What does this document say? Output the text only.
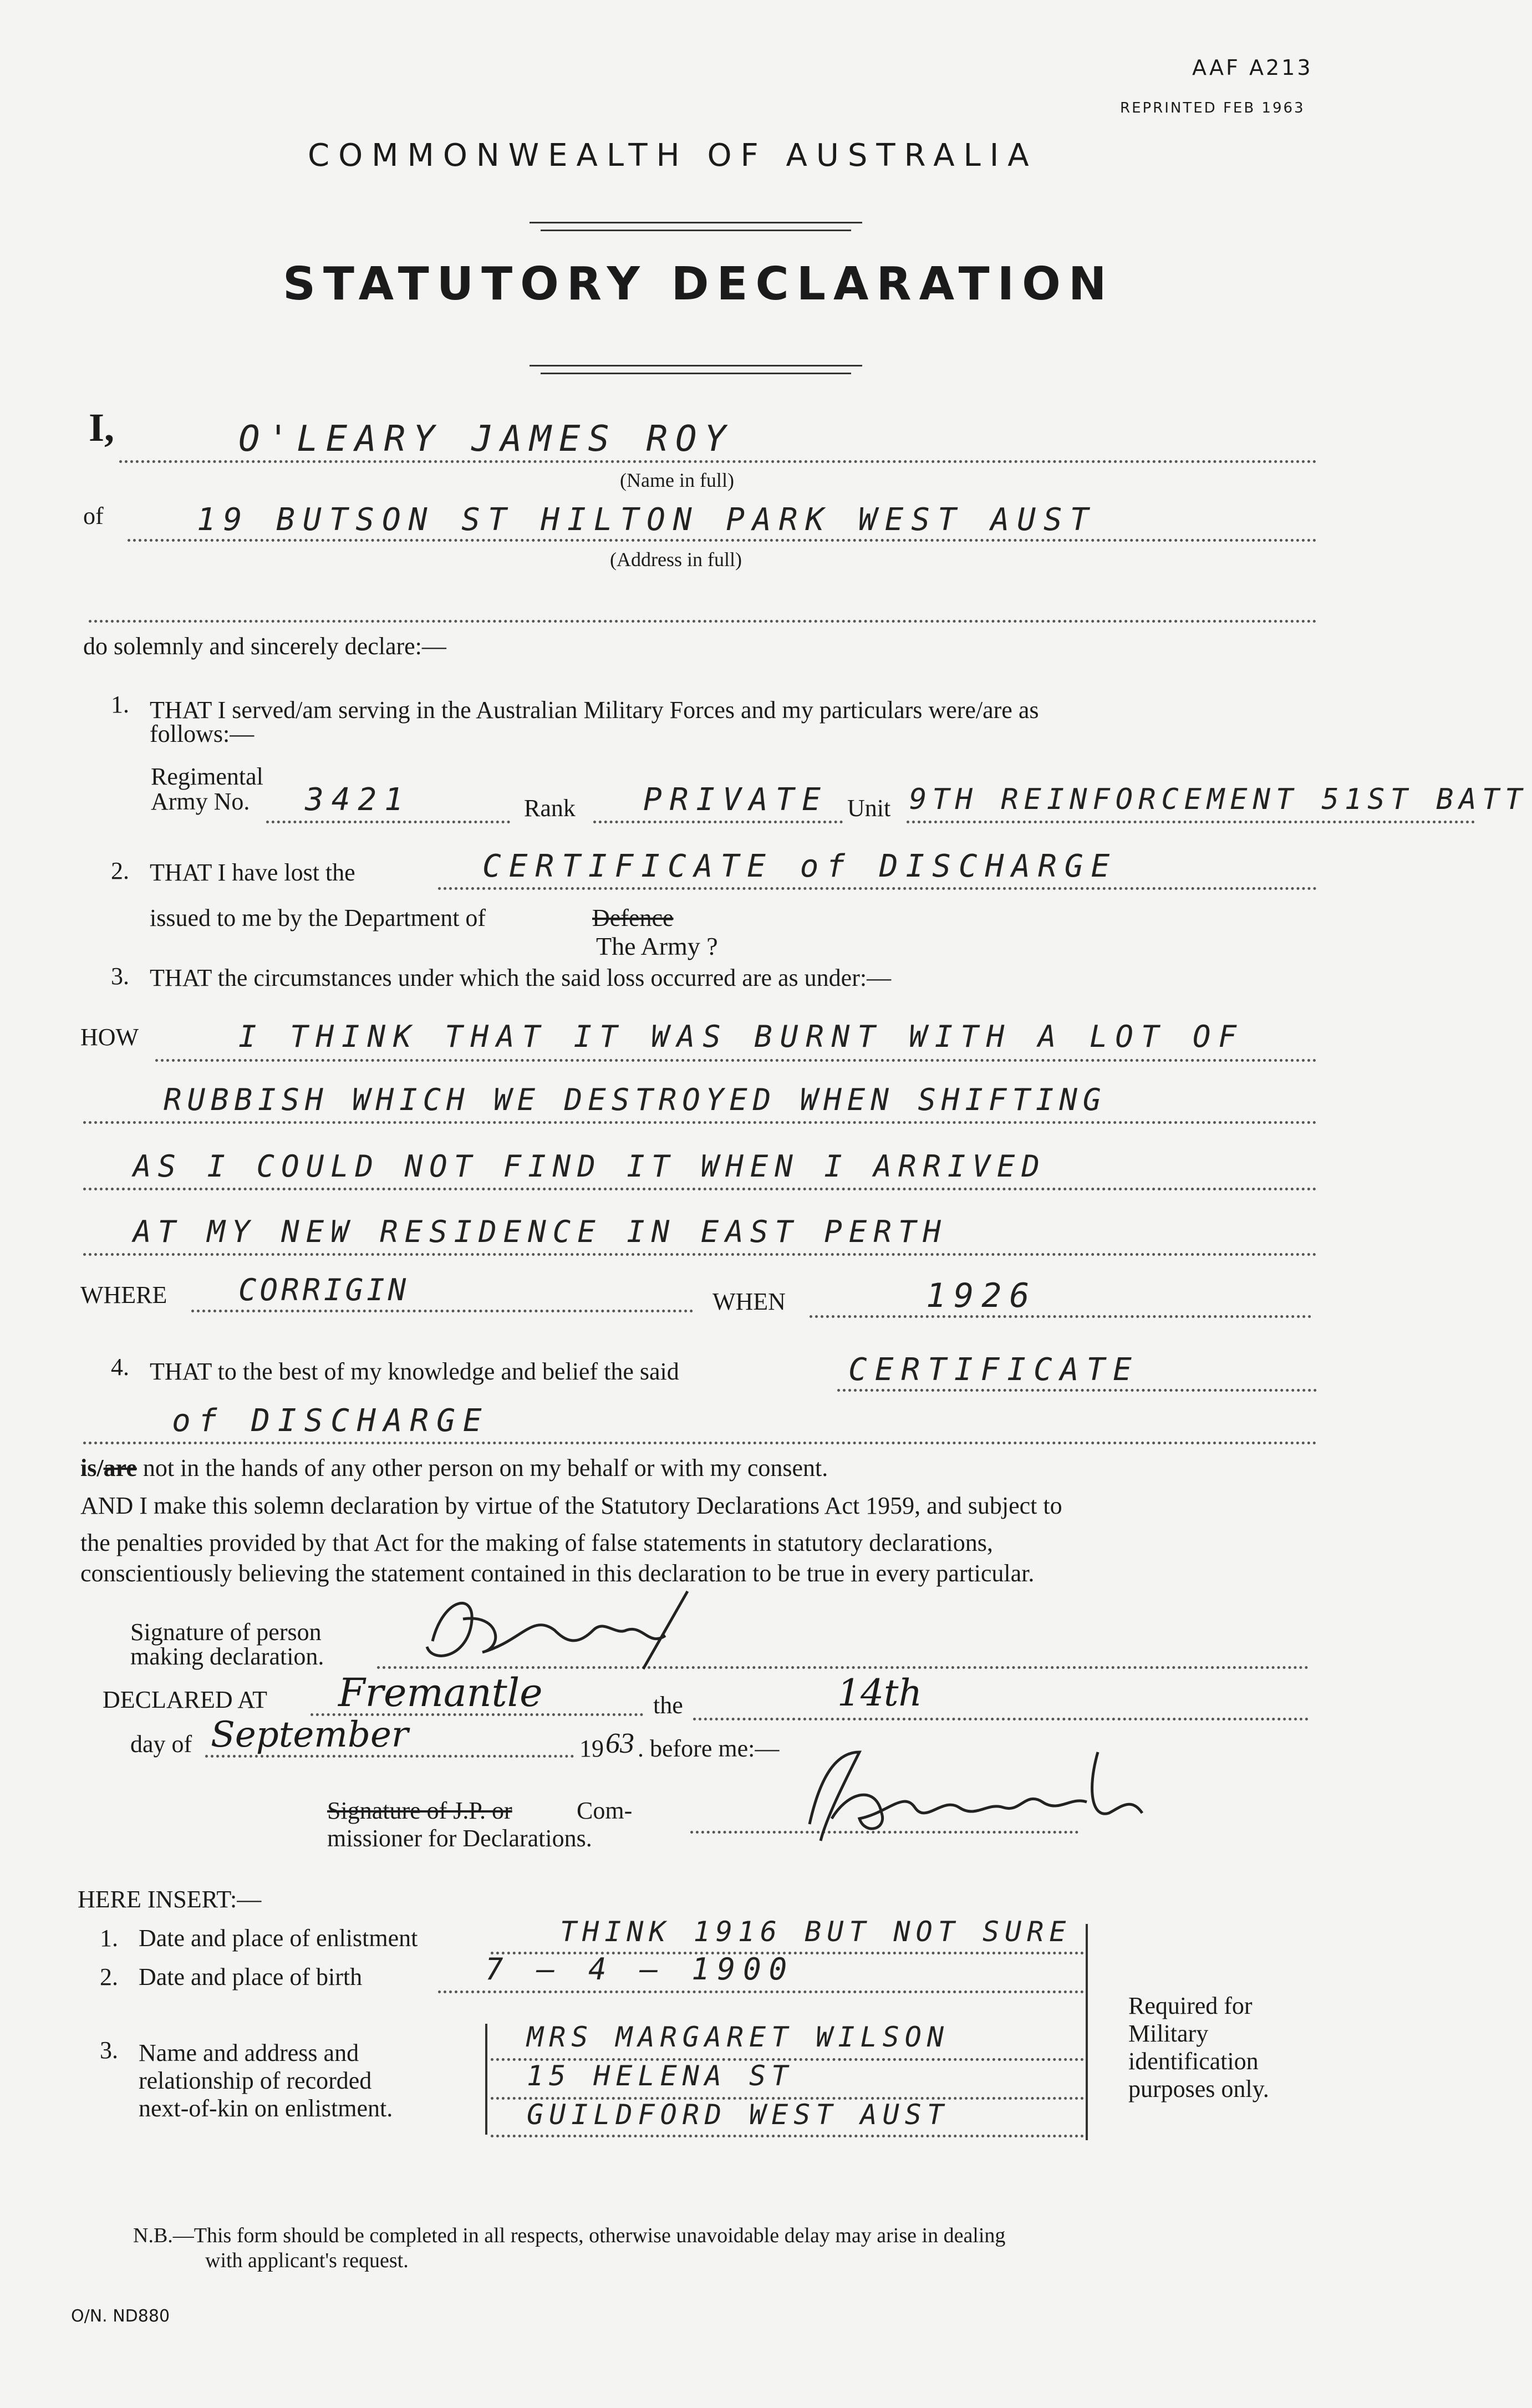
AAF A213
REPRINTED FEB 1963
COMMONWEALTH OF AUSTRALIA
STATUTORY DECLARATION
I,	O'LEARY JAMES ROY
(Name in full)
of	19 BUTSON ST HILTON PARK WEST AUST
(Address in full)
do solemnly and sincerely declare:—
1. THAT I served/am serving in the Australian Military Forces and my particulars were/are as
follows:—
Regimental
Army No. 3421	Rank PRIVATE Unit 9TH REINFORCEMENT 51ST BATT
2. THAT I have lost the	CERTIFICATE of DISCHARGE
issued to me by the Department of	Defence
The Army ?
3. THAT the circumstances under which the said loss occurred are as under:—
HOW	I THINK THAT IT WAS BURNT WITH A LOT OF
RUBBISH WHICH WE DESTROYED WHEN SHIFTING
AS I COULD NOT FIND IT WHEN I ARRIVED
AT MY NEW RESIDENCE IN EAST PERTH
WHERE CORRIGIN	WHEN	1926
4. THAT to the best of my knowledge and belief the said	CERTIFICATE
of DISCHARGE
is/are not in the hands of any other person on my behalf or with my consent.
AND I make this solemn declaration by virtue of the Statutory Declarations Act 1959, and subject to
the penalties provided by that Act for the making of false statements in statutory declarations,
conscientiously believing the statement contained in this declaration to be true in every particular.
Signature of person
making declaration.
DECLARED AT Fremantle	the	14th
day of September	19 63 . before me:—
Signature of J.P. or	Com-
missioner for Declarations.
HERE INSERT:—
1. Date and place of enlistment	THINK 1916 BUT NOT SURE
2. Date and place of birth	7 – 4 – 1900
3. Name and address and
relationship of recorded
next-of-kin on enlistment.
MRS MARGARET WILSON
15 HELENA ST
GUILDFORD WEST AUST
Required for
Military
identification
purposes only.
N.B.—This form should be completed in all respects, otherwise unavoidable delay may arise in dealing
with applicant's request.
O/N. ND880
